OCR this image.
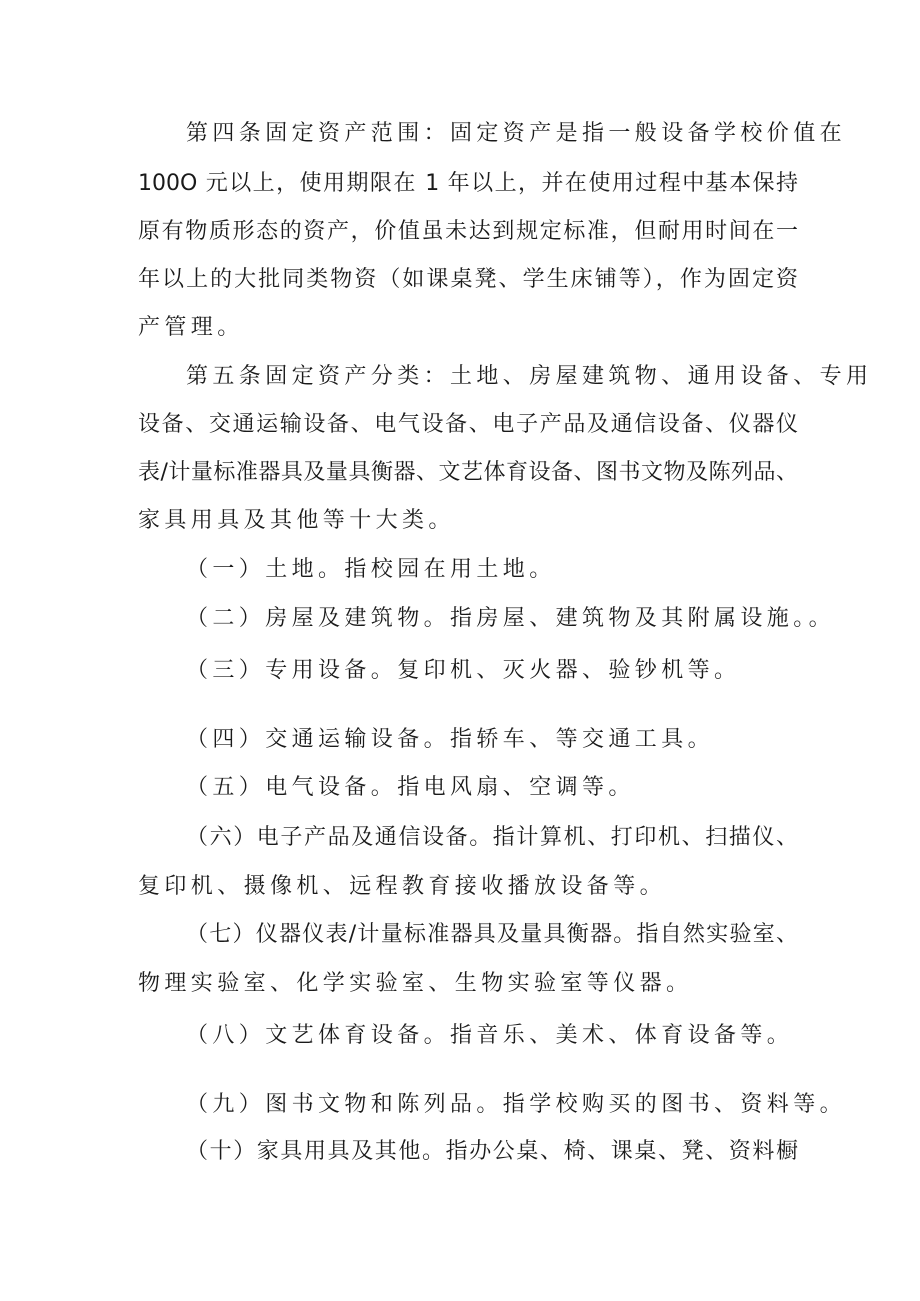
第四条固定资产范围：固定资产是指一般设备学校价值在
100O 元以上，使用期限在 1 年以上，并在使用过程中基本保持
原有物质形态的资产，价值虽未达到规定标准，但耐用时间在一
年以上的大批同类物资（如课桌凳、学生床铺等），作为固定资
产管理。
第五条固定资产分类：土地、房屋建筑物、通用设备、专用
设备、交通运输设备、电气设备、电子产品及通信设备、仪器仪
表/计量标准器具及量具衡器、文艺体育设备、图书文物及陈列品、
家具用具及其他等十大类。
（一）土地。指校园在用土地。
（二）房屋及建筑物。指房屋、建筑物及其附属设施。。
（三）专用设备。复印机、灭火器、验钞机等。
（四）交通运输设备。指轿车、等交通工具。
（五）电气设备。指电风扇、空调等。
（六）电子产品及通信设备。指计算机、打印机、扫描仪、
复印机、摄像机、远程教育接收播放设备等。
（七）仪器仪表/计量标准器具及量具衡器。指自然实验室、
物理实验室、化学实验室、生物实验室等仪器。
（八）文艺体育设备。指音乐、美术、体育设备等。
（九）图书文物和陈列品。指学校购买的图书、资料等。
（十）家具用具及其他。指办公桌、椅、课桌、凳、资料橱
